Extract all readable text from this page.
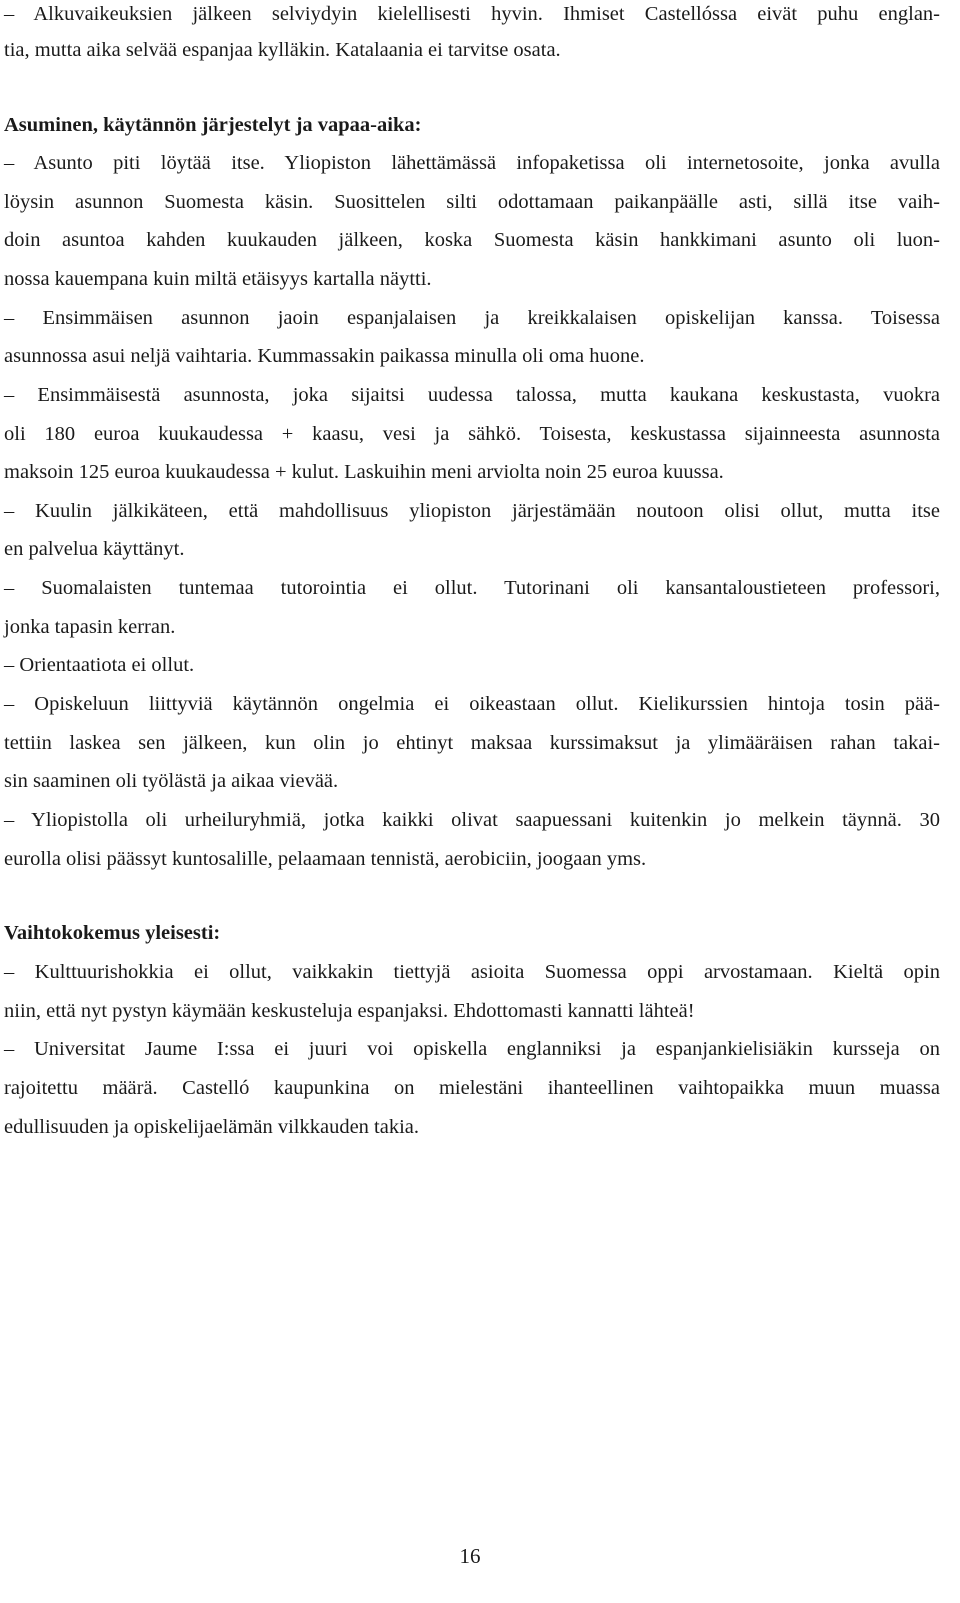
– Alkuvaikeuksien jälkeen selviydyin kielellisesti hyvin. Ihmiset Castellóssa eivät puhu englan-
tia, mutta aika selvää espanjaa kylläkin. Katalaania ei tarvitse osata.
Asuminen, käytännön järjestelyt ja vapaa-aika:
– Asunto piti löytää itse. Yliopiston lähettämässä infopaketissa oli internetosoite, jonka avulla
löysin asunnon Suomesta käsin. Suosittelen silti odottamaan paikanpäälle asti, sillä itse vaih-
doin asuntoa kahden kuukauden jälkeen, koska Suomesta käsin hankkimani asunto oli luon-
nossa kauempana kuin miltä etäisyys kartalla näytti.
– Ensimmäisen asunnon jaoin espanjalaisen ja kreikkalaisen opiskelijan kanssa. Toisessa
asunnossa asui neljä vaihtaria. Kummassakin paikassa minulla oli oma huone.
– Ensimmäisestä asunnosta, joka sijaitsi uudessa talossa, mutta kaukana keskustasta, vuokra
oli 180 euroa kuukaudessa + kaasu, vesi ja sähkö. Toisesta, keskustassa sijainneesta asunnosta
maksoin 125 euroa kuukaudessa + kulut. Laskuihin meni arviolta noin 25 euroa kuussa.
– Kuulin jälkikäteen, että mahdollisuus yliopiston järjestämään noutoon olisi ollut, mutta itse
en palvelua käyttänyt.
– Suomalaisten tuntemaa tutorointia ei ollut. Tutorinani oli kansantaloustieteen professori,
jonka tapasin kerran.
– Orientaatiota ei ollut.
– Opiskeluun liittyviä käytännön ongelmia ei oikeastaan ollut. Kielikurssien hintoja tosin pää-
tettiin laskea sen jälkeen, kun olin jo ehtinyt maksaa kurssimaksut ja ylimääräisen rahan takai-
sin saaminen oli työlästä ja aikaa vievää.
– Yliopistolla oli urheiluryhmiä, jotka kaikki olivat saapuessani kuitenkin jo melkein täynnä. 30
eurolla olisi päässyt kuntosalille, pelaamaan tennistä, aerobiciin, joogaan yms.
Vaihtokokemus yleisesti:
– Kulttuurishokkia ei ollut, vaikkakin tiettyjä asioita Suomessa oppi arvostamaan. Kieltä opin
niin, että nyt pystyn käymään keskusteluja espanjaksi. Ehdottomasti kannatti lähteä!
– Universitat Jaume I:ssa ei juuri voi opiskella englanniksi ja espanjankielisiäkin kursseja on
rajoitettu määrä. Castelló kaupunkina on mielestäni ihanteellinen vaihtopaikka muun muassa
edullisuuden ja opiskelijaelämän vilkkauden takia.
16
